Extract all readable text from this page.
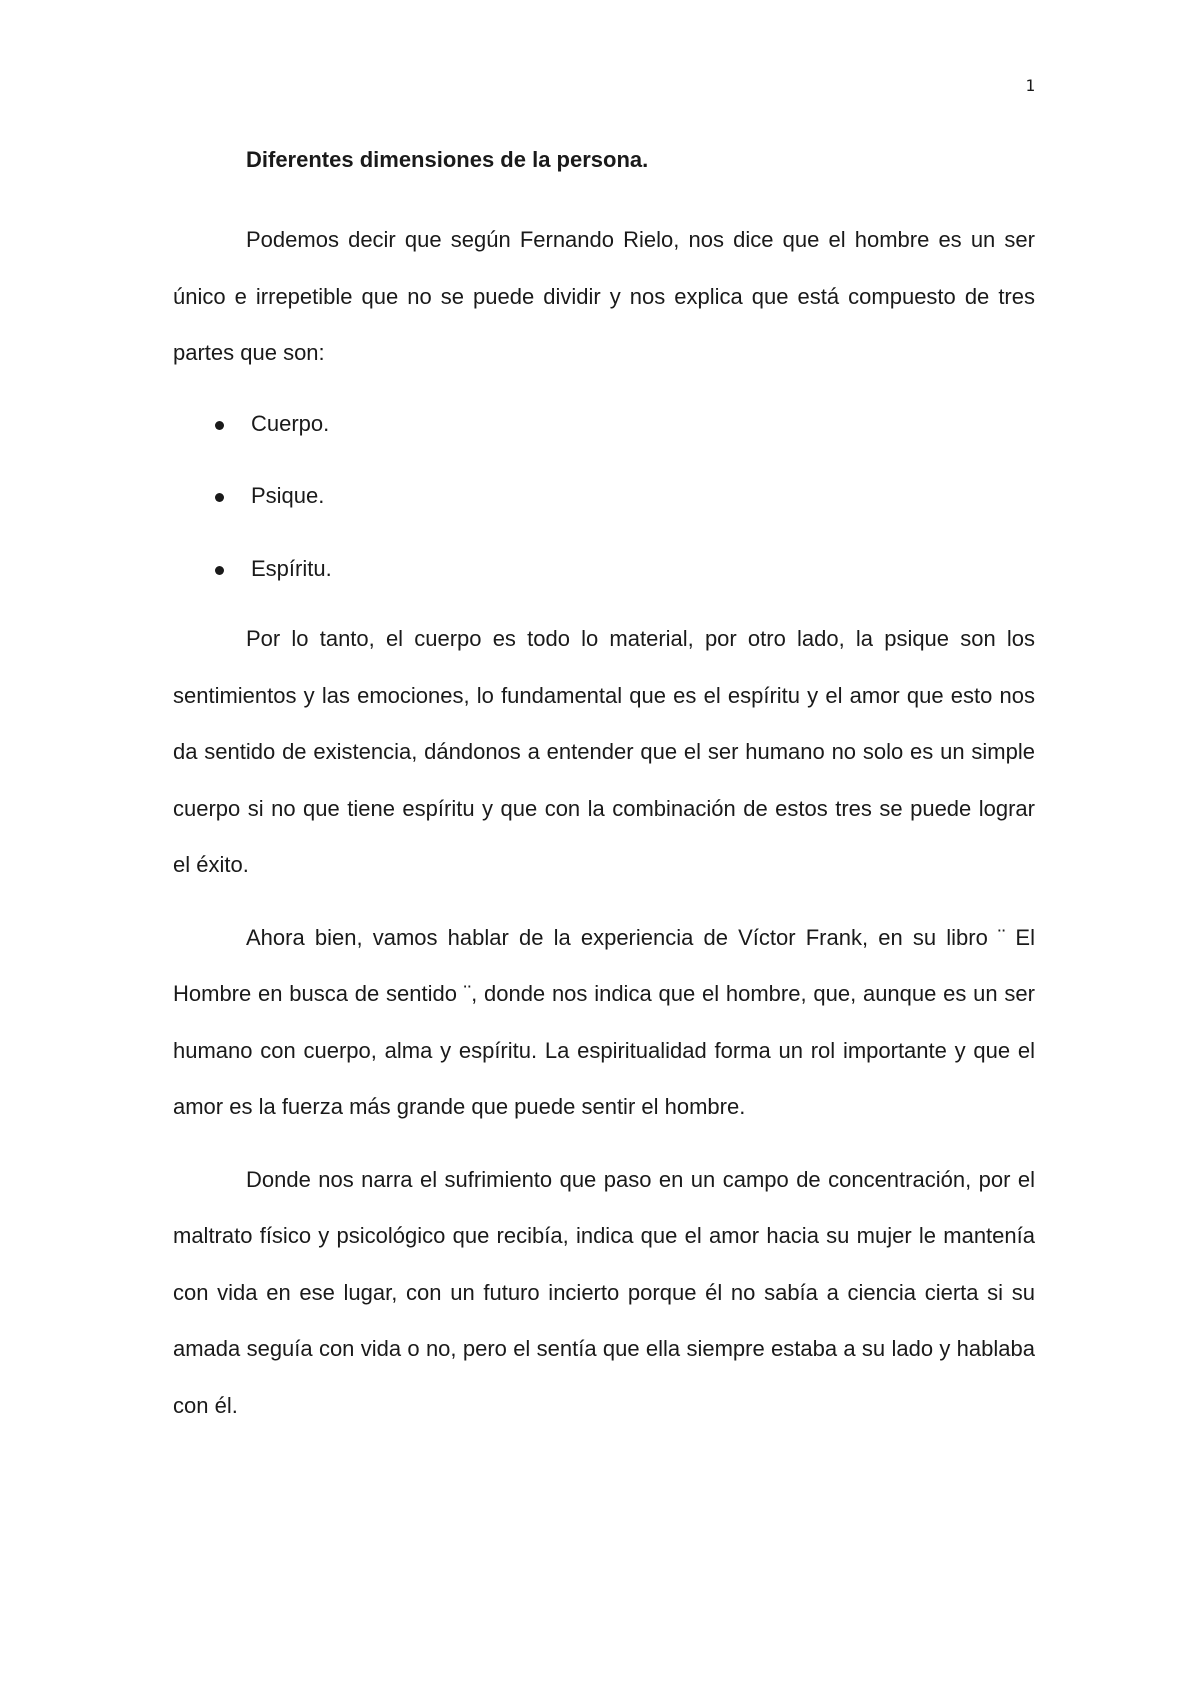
1
Diferentes dimensiones de la persona.

Podemos decir que según Fernando Rielo, nos dice que el hombre es un ser único e irrepetible que no se puede dividir y nos explica que está compuesto de tres partes que son:

Cuerpo.
Psique.
Espíritu.

Por lo tanto, el cuerpo es todo lo material, por otro lado, la psique son los sentimientos y las emociones, lo fundamental que es el espíritu y el amor que esto nos da sentido de existencia, dándonos a entender que el ser humano no solo es un simple cuerpo si no que tiene espíritu y que con la combinación de estos tres se puede lograr el éxito.

Ahora bien, vamos hablar de la experiencia de Víctor Frank, en su libro ¨ El Hombre en busca de sentido ¨, donde nos indica que el hombre, que, aunque es un ser humano con cuerpo, alma y espíritu. La espiritualidad forma un rol importante y que el amor es la fuerza más grande que puede sentir el hombre.

Donde nos narra el sufrimiento que paso en un campo de concentración, por el maltrato físico y psicológico que recibía, indica que el amor hacia su mujer le mantenía con vida en ese lugar, con un futuro incierto porque él no sabía a ciencia cierta si su amada seguía con vida o no, pero el sentía que ella siempre estaba a su lado y hablaba con él.
